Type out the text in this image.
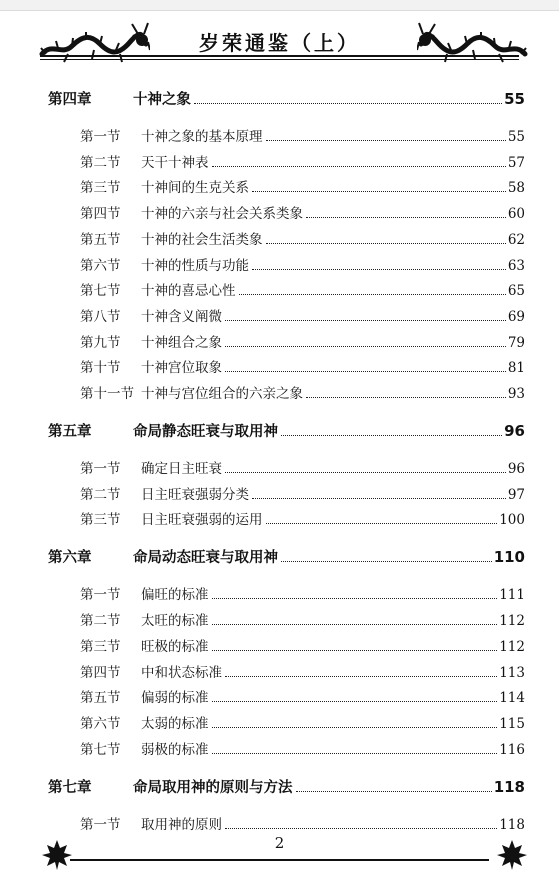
岁荣通鉴（上）
第四章	十神之象	55
第一节	十神之象的基本原理	55
第二节	天干十神表	57
第三节	十神间的生克关系	58
第四节	十神的六亲与社会关系类象	60
第五节	十神的社会生活类象	62
第六节	十神的性质与功能	63
第七节	十神的喜忌心性	65
第八节	十神含义阐微	69
第九节	十神组合之象	79
第十节	十神宫位取象	81
第十一节 十神与宫位组合的六亲之象	93
第五章	命局静态旺衰与取用神	96
第一节	确定日主旺衰	96
第二节	日主旺衰强弱分类	97
第三节	日主旺衰强弱的运用	100
第六章	命局动态旺衰与取用神	110
第一节	偏旺的标准	111
第二节	太旺的标准	112
第三节	旺极的标准	112
第四节	中和状态标准	113
第五节	偏弱的标准	114
第六节	太弱的标准	115
第七节	弱极的标准	116
第七章	命局取用神的原则与方法	118
第一节	取用神的原则	118
2
